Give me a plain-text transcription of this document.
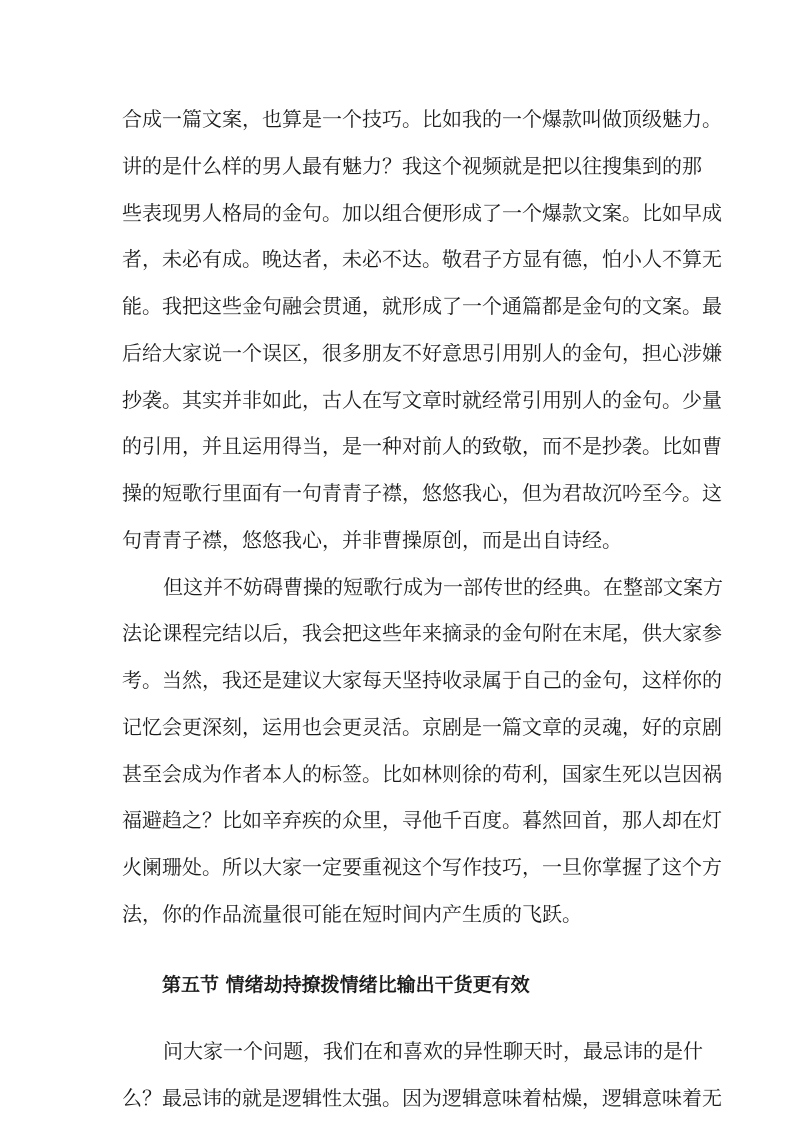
合成一篇文案，也算是一个技巧。比如我的一个爆款叫做顶级魅力。
讲的是什么样的男人最有魅力？我这个视频就是把以往搜集到的那
些表现男人格局的金句。加以组合便形成了一个爆款文案。比如早成
者，未必有成。晚达者，未必不达。敬君子方显有德，怕小人不算无
能。我把这些金句融会贯通，就形成了一个通篇都是金句的文案。最
后给大家说一个误区，很多朋友不好意思引用别人的金句，担心涉嫌
抄袭。其实并非如此，古人在写文章时就经常引用别人的金句。少量
的引用，并且运用得当，是一种对前人的致敬，而不是抄袭。比如曹
操的短歌行里面有一句青青子襟，悠悠我心，但为君故沉吟至今。这
句青青子襟，悠悠我心，并非曹操原创，而是出自诗经。
但这并不妨碍曹操的短歌行成为一部传世的经典。在整部文案方
法论课程完结以后，我会把这些年来摘录的金句附在末尾，供大家参
考。当然，我还是建议大家每天坚持收录属于自己的金句，这样你的
记忆会更深刻，运用也会更灵活。京剧是一篇文章的灵魂，好的京剧
甚至会成为作者本人的标签。比如林则徐的苟利，国家生死以岂因祸
福避趋之？比如辛弃疾的众里，寻他千百度。暮然回首，那人却在灯
火阑珊处。所以大家一定要重视这个写作技巧，一旦你掌握了这个方
法，你的作品流量很可能在短时间内产生质的飞跃。
第五节 情绪劫持撩拨情绪比输出干货更有效
问大家一个问题，我们在和喜欢的异性聊天时，最忌讳的是什
么？最忌讳的就是逻辑性太强。因为逻辑意味着枯燥，逻辑意味着无
